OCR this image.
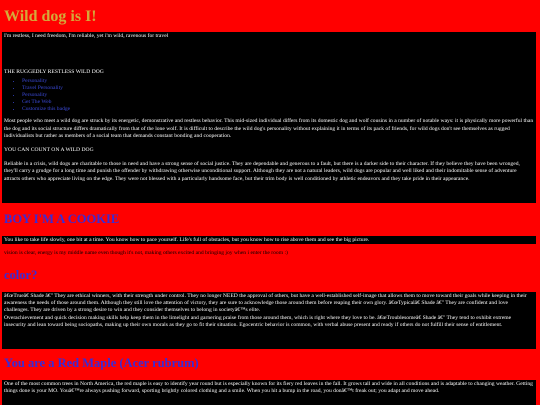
Wild dog is I!

I'm restless, I need freedom, I'm reliable, yet i'm wild, ravenous for travel

THE RUGGEDLY RESTLESS WILD DOG

• Personality
• Travel Personality
• Personality
• Get The Web
• Customize this badge

Most people who meet a wild dog are struck by its energetic, demonstrative and restless behavior. This mid-sized individual differs from its domestic dog and wolf cousins in a number of notable ways: it is physically more powerful than the dog and its social structure differs dramatically from that of the lone wolf. It is difficult to describe the wild dog's personality without explaining it in terms of its pack of friends, for wild dogs don't see themselves as rugged individualists but rather as members of a social team that demands constant bonding and cooperation.

YOU CAN COUNT ON A WILD DOG

Reliable in a crisis, wild dogs are charitable to those in need and have a strong sense of social justice. They are dependable and generous to a fault, but there is a darker side to their character. If they believe they have been wronged, they'll carry a grudge for a long time and punish the offender by withdrawing otherwise unconditional support. Although they are not a natural leaders, wild dogs are popular and well liked and their indomitable sense of adventure attracts others who appreciate living on the edge. They were not blessed with a particularly handsome face, but their trim body is well conditioned by athletic endeavors and they take pride in their appearance.

BOY I'M A COOKIE

You like to take life slowly, one bit at a time. You know how to pace yourself. Life's full of obstacles, but you know how to rise above them and see the big picture.

vision is clear, energy is my middle name even though it's not, making others excited and bringing joy when i enter the room :)

color?

â€œTrueâ€ Shade â€" They are ethical winners, with their strength under control. They no longer NEED the approval of others, but have a well-established self-image that allows them to move toward their goals while keeping in their awareness the needs of those around them. Although they still love the attention of victory, they are sure to acknowledge those around them before reaping their own glory. â€œTypicalâ€ Shade â€" They are confident and love challenges. They are driven by a strong desire to win and they consider themselves to belong in societyâ€™s elite.

Overachievement and quick decision making skills help keep them in the limelight and garnering praise from those around them, which is right where they love to be. â€œTroublesomeâ€ Shade â€" They tend to exhibit extreme insecurity and lean toward being sociopaths, making up their own morals as they go to fit their situation. Egocentric behavior is common, with verbal abuse present and ready if others do not fulfill their sense of entitlement.

You are a Red Maple (Acer rubrum)

One of the most common trees in North America, the red maple is easy to identify year round but is especially known for its fiery red leaves in the fall. It grows tall and wide in all conditions and is adaptable to changing weather. Getting things done is your MO. Youâ€™re always pushing forward, sporting brightly colored clothing and a smile. When you hit a bump in the road, you donâ€™t freak out; you adapt and move ahead.
